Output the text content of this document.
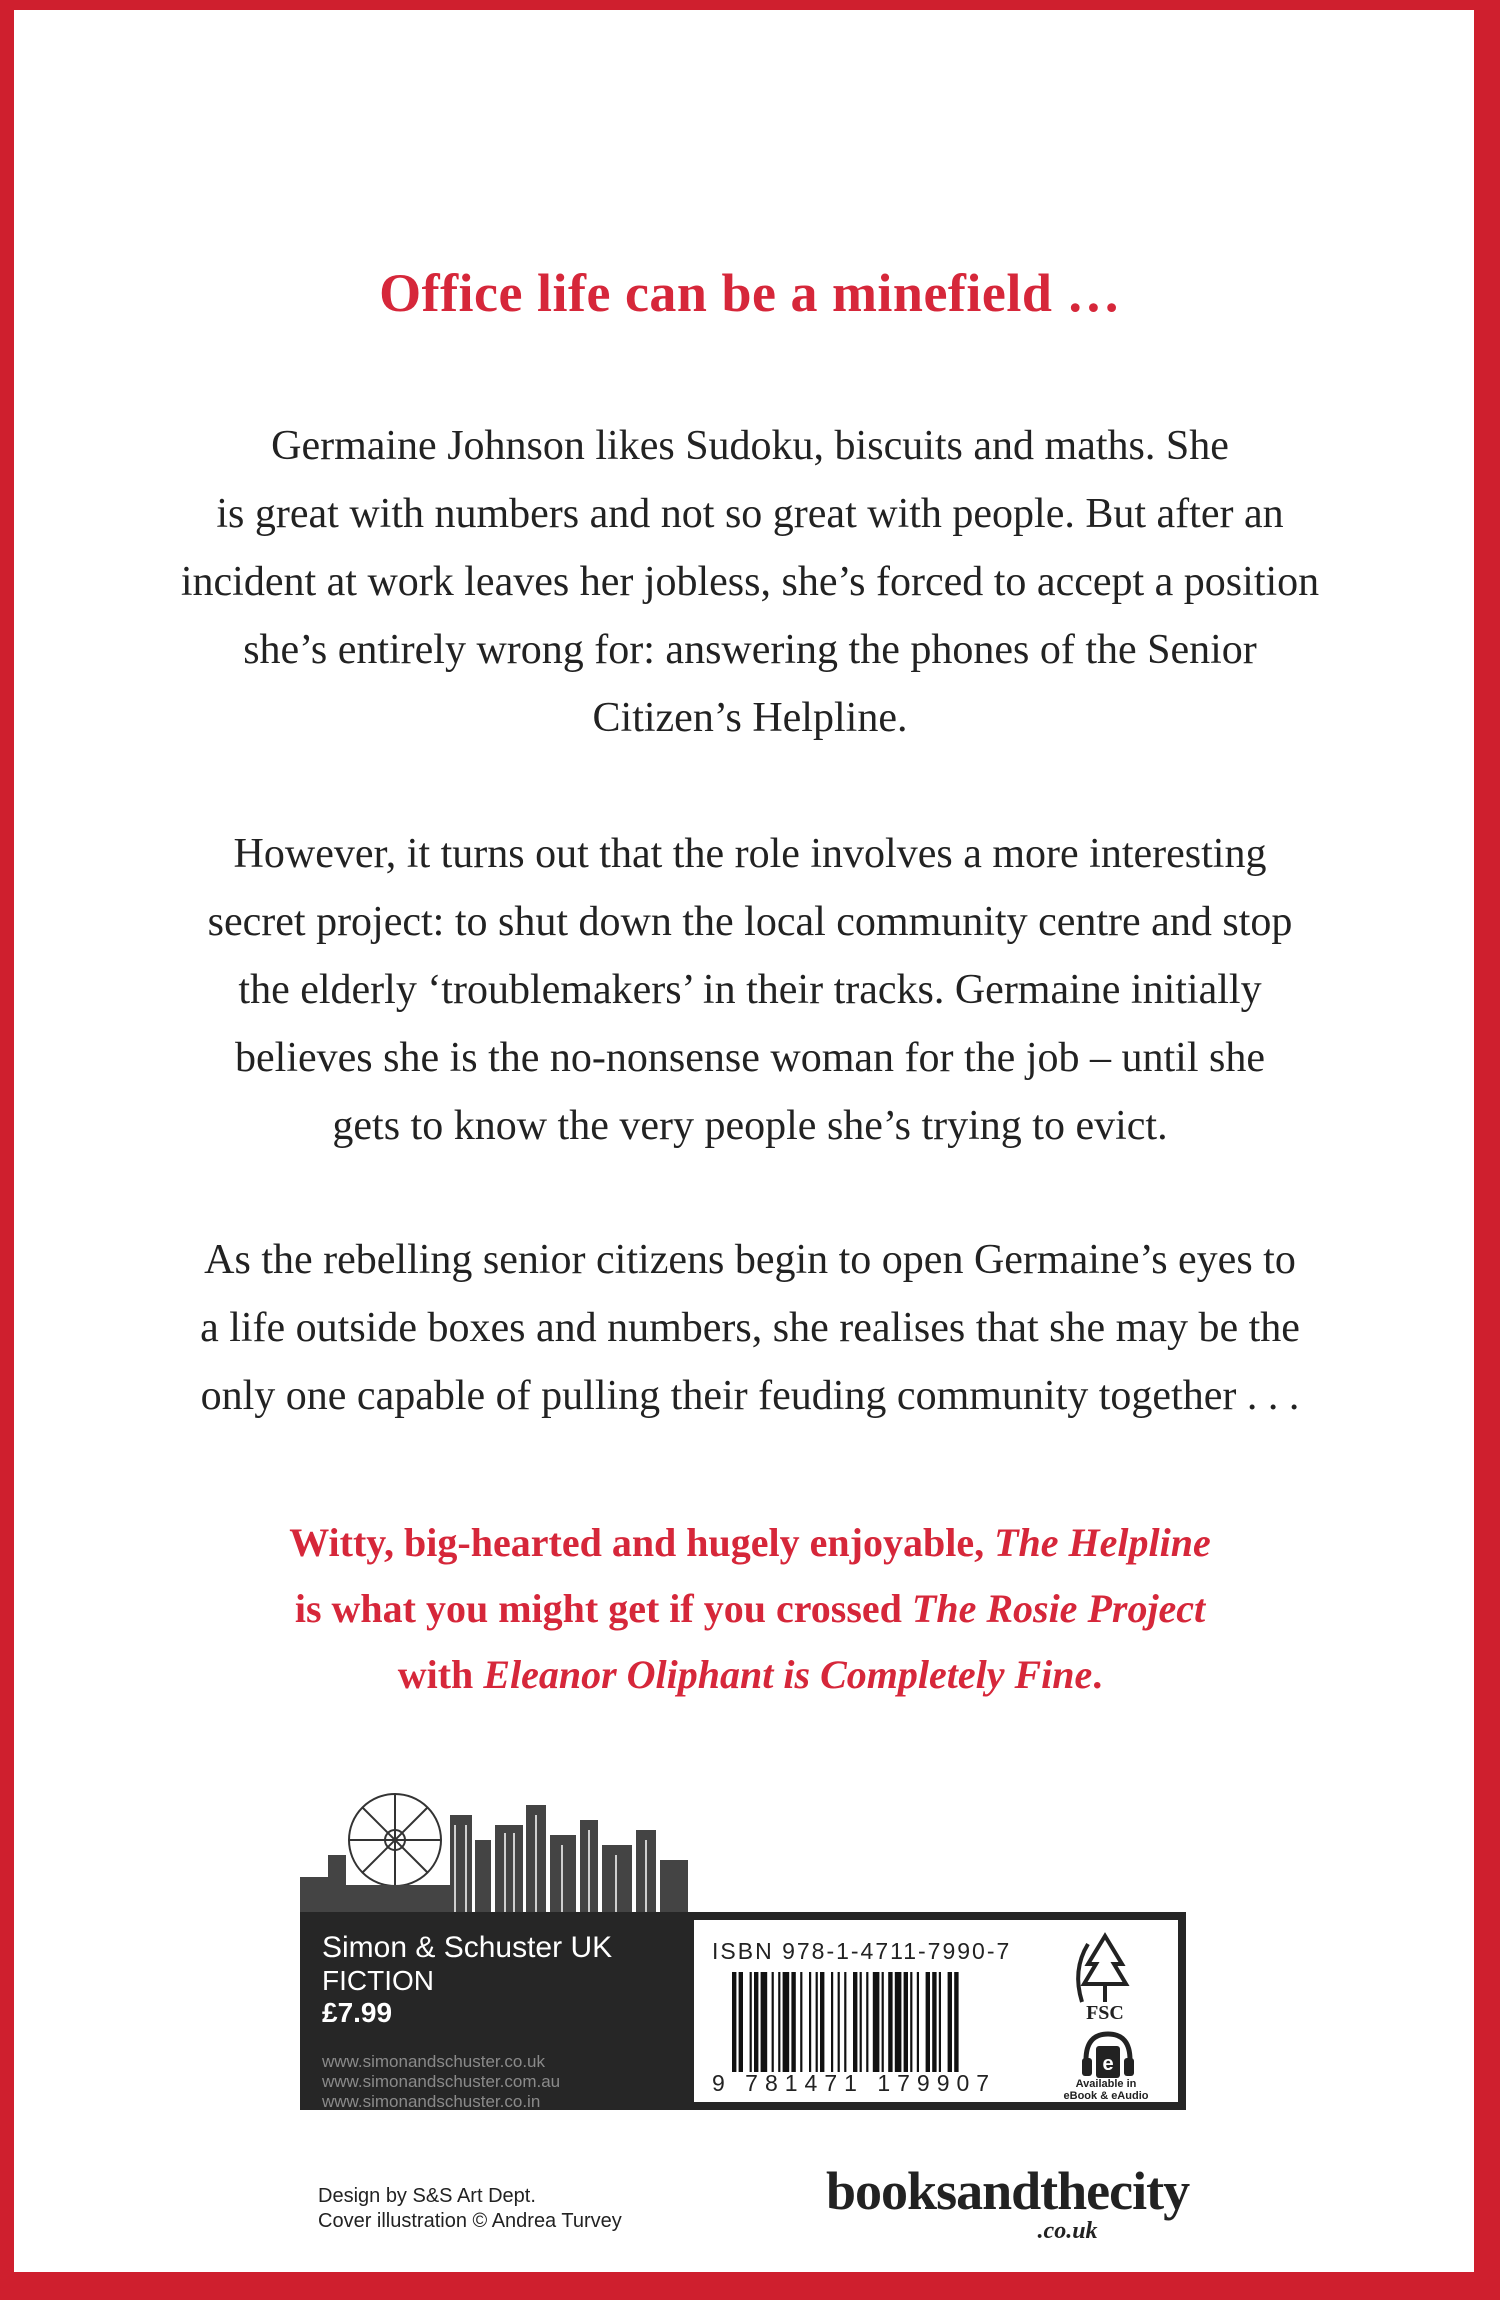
Office life can be a minefield …

Germaine Johnson likes Sudoku, biscuits and maths. She

is great with numbers and not so great with people. But after an

incident at work leaves her jobless, she’s forced to accept a position

she’s entirely wrong for: answering the phones of the Senior

Citizen’s Helpline.

However, it turns out that the role involves a more interesting

secret project: to shut down the local community centre and stop

the elderly ‘troublemakers’ in their tracks. Germaine initially

believes she is the no-nonsense woman for the job – until she

gets to know the very people she’s trying to evict.

As the rebelling senior citizens begin to open Germaine’s eyes to

a life outside boxes and numbers, she realises that she may be the

only one capable of pulling their feuding community together . . .

Witty, big-hearted and hugely enjoyable, The Helpline
is what you might get if you crossed The Rosie Project
with Eleanor Oliphant is Completely Fine.
Simon & Schuster UK
FICTION
£7.99
www.simonandschuster.co.uk
www.simonandschuster.com.au
www.simonandschuster.co.in
ISBN 978-1-4711-7990-7
9 781471 179907
FSC
e
Available in
eBook & eAudio
Design by S&S Art Dept.
Cover illustration © Andrea Turvey	booksandthecity
.co.uk
